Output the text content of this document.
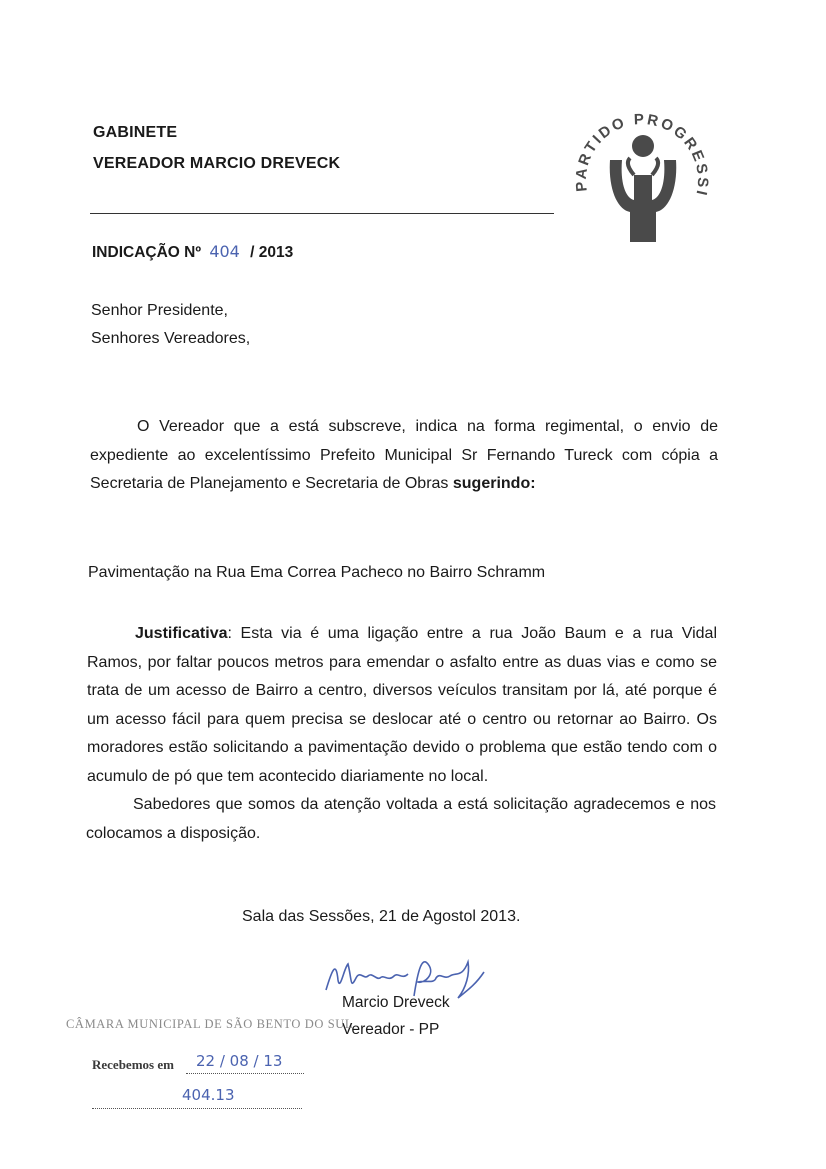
GABINETE
VEREADOR MARCIO DREVECK
PARTIDO PROGRESSI
INDICAÇÃO Nº 404 / 2013
Senhor Presidente,
Senhores Vereadores,
O Vereador que a está subscreve, indica na forma regimental, o envio de expediente ao excelentíssimo Prefeito Municipal Sr Fernando Tureck com cópia a Secretaria de Planejamento e Secretaria de Obras sugerindo:
Pavimentação na Rua Ema Correa Pacheco no Bairro Schramm
Justificativa: Esta via é uma ligação entre a rua João Baum e a rua Vidal Ramos, por faltar poucos metros para emendar o asfalto entre as duas vias e como se trata de um acesso de Bairro a centro, diversos veículos transitam por lá, até porque é um acesso fácil para quem precisa se deslocar até o centro ou retornar ao Bairro. Os moradores estão solicitando a pavimentação devido o problema que estão tendo com o acumulo de pó que tem acontecido diariamente no local.
Sabedores que somos da atenção voltada a está solicitação agradecemos e nos colocamos a disposição.
Sala das Sessões, 21 de Agostol 2013.
Marcio Dreveck
Vereador - PP
CÂMARA MUNICIPAL DE SÃO BENTO DO SUL
Recebemos em 22 / 08 / 13
404.13
